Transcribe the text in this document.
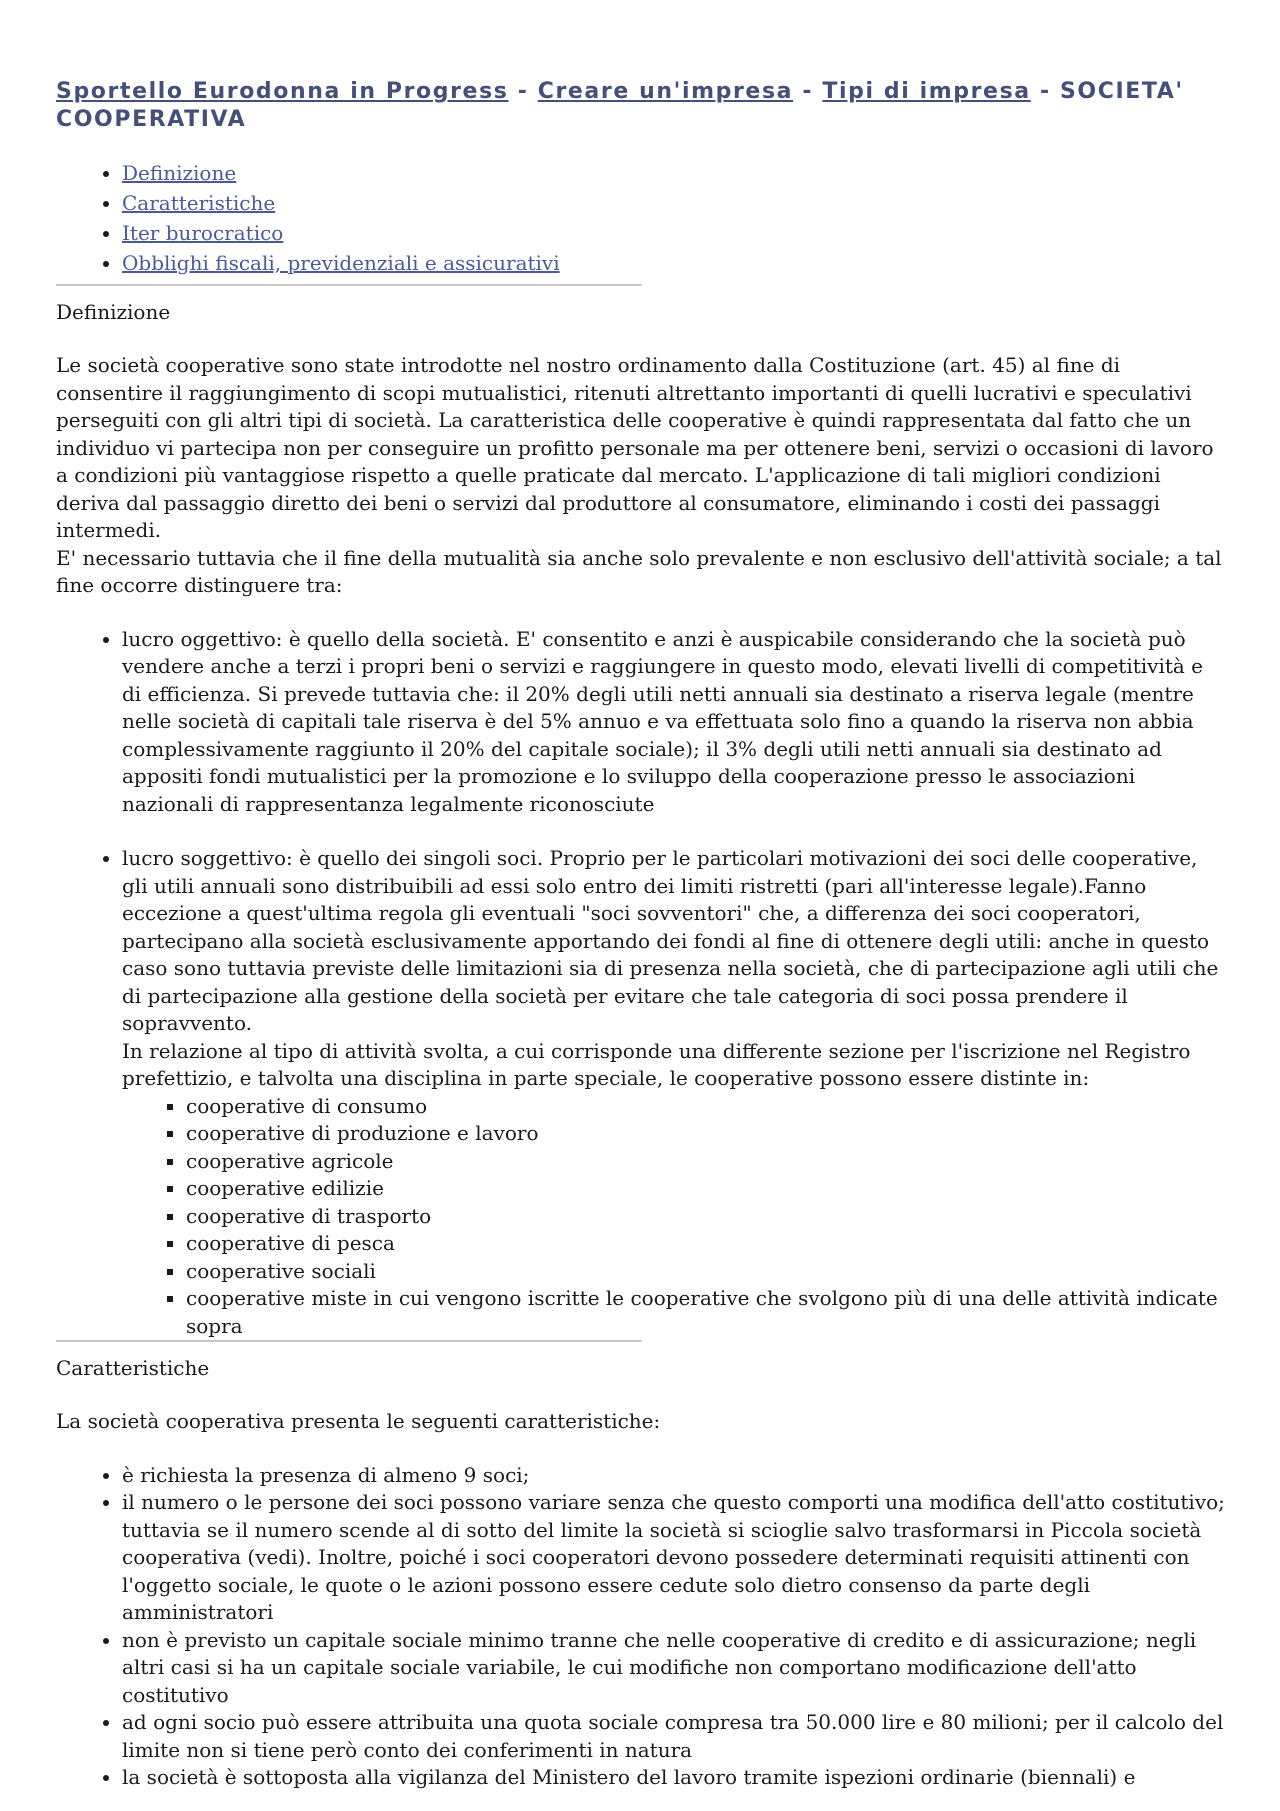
Sportello Eurodonna in Progress - Creare un'impresa - Tipi di impresa - SOCIETA'
COOPERATIVA
• Definizione
• Caratteristiche
• Iter burocratico
• Obblighi fiscali, previdenziali e assicurativi
Definizione

Le società cooperative sono state introdotte nel nostro ordinamento dalla Costituzione (art. 45) al fine di consentire il raggiungimento di scopi mutualistici, ritenuti altrettanto importanti di quelli lucrativi e speculativi perseguiti con gli altri tipi di società. La caratteristica delle cooperative è quindi rappresentata dal fatto che un individuo vi partecipa non per conseguire un profitto personale ma per ottenere beni, servizi o occasioni di lavoro a condizioni più vantaggiose rispetto a quelle praticate dal mercato. L'applicazione di tali migliori condizioni deriva dal passaggio diretto dei beni o servizi dal produttore al consumatore, eliminando i costi dei passaggi intermedi.
E' necessario tuttavia che il fine della mutualità sia anche solo prevalente e non esclusivo dell'attività sociale; a tal fine occorre distinguere tra:

• lucro oggettivo: è quello della società. E' consentito e anzi è auspicabile considerando che la società può vendere anche a terzi i propri beni o servizi e raggiungere in questo modo, elevati livelli di competitività e di efficienza. Si prevede tuttavia che: il 20% degli utili netti annuali sia destinato a riserva legale (mentre nelle società di capitali tale riserva è del 5% annuo e va effettuata solo fino a quando la riserva non abbia complessivamente raggiunto il 20% del capitale sociale); il 3% degli utili netti annuali sia destinato ad appositi fondi mutualistici per la promozione e lo sviluppo della cooperazione presso le associazioni nazionali di rappresentanza legalmente riconosciute
• lucro soggettivo: è quello dei singoli soci. Proprio per le particolari motivazioni dei soci delle cooperative, gli utili annuali sono distribuibili ad essi solo entro dei limiti ristretti (pari all'interesse legale).Fanno eccezione a quest'ultima regola gli eventuali "soci sovventori" che, a differenza dei soci cooperatori, partecipano alla società esclusivamente apportando dei fondi al fine di ottenere degli utili: anche in questo caso sono tuttavia previste delle limitazioni sia di presenza nella società, che di partecipazione agli utili che di partecipazione alla gestione della società per evitare che tale categoria di soci possa prendere il sopravvento.
In relazione al tipo di attività svolta, a cui corrisponde una differente sezione per l'iscrizione nel Registro prefettizio, e talvolta una disciplina in parte speciale, le cooperative possono essere distinte in:
▪ cooperative di consumo
▪ cooperative di produzione e lavoro
▪ cooperative agricole
▪ cooperative edilizie
▪ cooperative di trasporto
▪ cooperative di pesca
▪ cooperative sociali
▪ cooperative miste in cui vengono iscritte le cooperative che svolgono più di una delle attività indicate sopra
Caratteristiche

La società cooperativa presenta le seguenti caratteristiche:

• è richiesta la presenza di almeno 9 soci;
• il numero o le persone dei soci possono variare senza che questo comporti una modifica dell'atto costitutivo; tuttavia se il numero scende al di sotto del limite la società si scioglie salvo trasformarsi in Piccola società cooperativa (vedi). Inoltre, poiché i soci cooperatori devono possedere determinati requisiti attinenti con l'oggetto sociale, le quote o le azioni possono essere cedute solo dietro consenso da parte degli amministratori
• non è previsto un capitale sociale minimo tranne che nelle cooperative di credito e di assicurazione; negli altri casi si ha un capitale sociale variabile, le cui modifiche non comportano modificazione dell'atto costitutivo
• ad ogni socio può essere attribuita una quota sociale compresa tra 50.000 lire e 80 milioni; per il calcolo del limite non si tiene però conto dei conferimenti in natura
• la società è sottoposta alla vigilanza del Ministero del lavoro tramite ispezioni ordinarie (biennali) e
